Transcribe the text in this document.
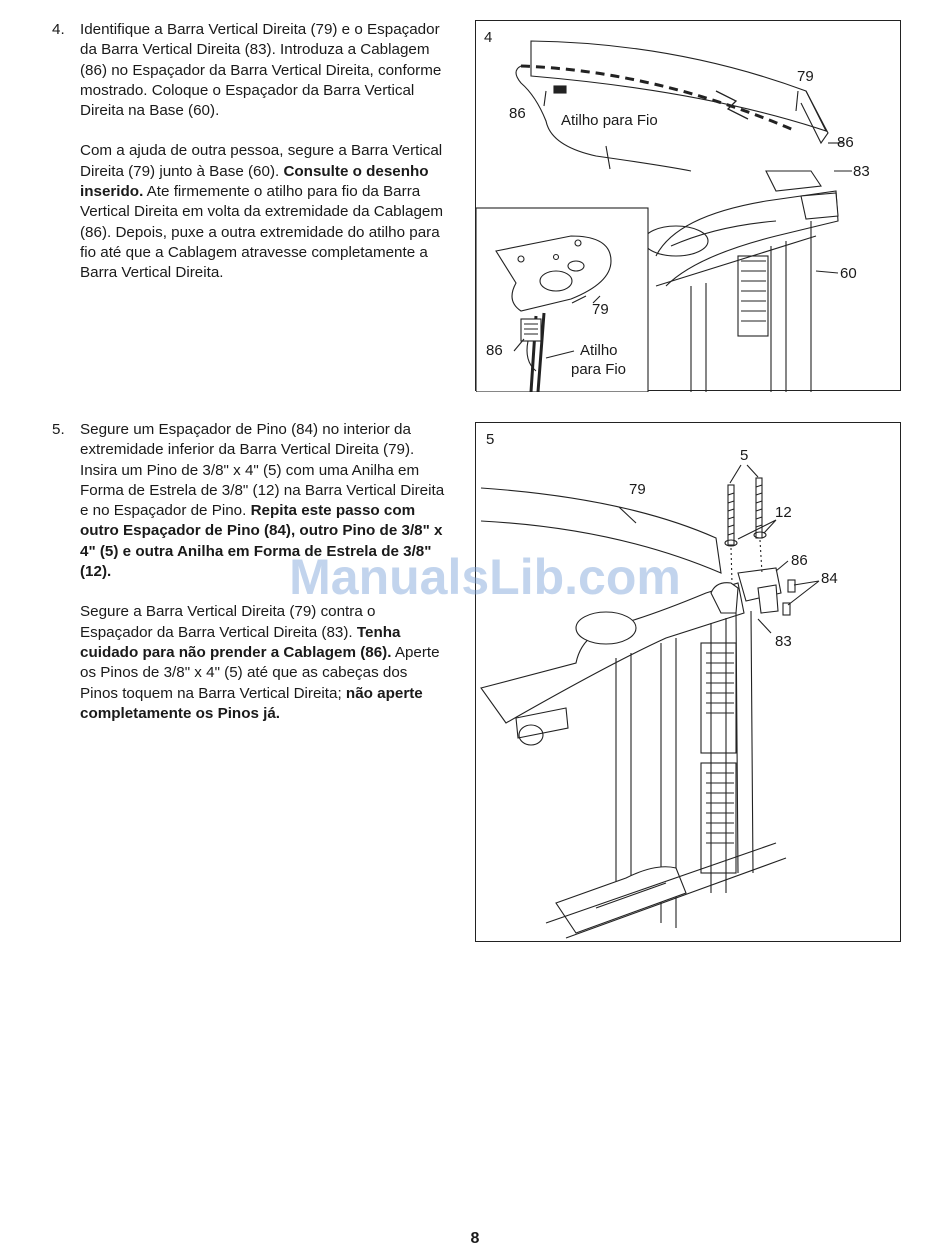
4. Identifique a Barra Vertical Direita (79) e o Espaçador da Barra Vertical Direita (83). Introduza a Cablagem (86) no Espaçador da Barra Vertical Direita, conforme mostrado. Coloque o Espaçador da Barra Vertical Direita na Base (60).

Com a ajuda de outra pessoa, segure a Barra Vertical Direita (79) junto à Base (60). Consulte o desenho inserido. Ate firmemente o atilho para fio da Barra Vertical Direita em volta da extremidade da Cablagem (86). Depois, puxe a outra extremidade do atilho para fio até que a Cablagem atravesse completamente a Barra Vertical Direita.

5. Segure um Espaçador de Pino (84) no interior da extremidade inferior da Barra Vertical Direita (79). Insira um Pino de 3/8" x 4" (5) com uma Anilha em Forma de Estrela de 3/8" (12) na Barra Vertical Direita e no Espaçador de Pino. Repita este passo com outro Espaçador de Pino (84), outro Pino de 3/8" x 4" (5) e outra Anilha em Forma de Estrela de 3/8" (12).

Segure a Barra Vertical Direita (79) contra o Espaçador da Barra Vertical Direita (83). Tenha cuidado para não prender a Cablagem (86). Aperte os Pinos de 3/8" x 4" (5) até que as cabeças dos Pinos toquem na Barra Vertical Direita; não aperte completamente os Pinos já.

4
79
86 Atilho para Fio
86
83
60
79
86	Atilho
para Fio
5
5
79
12
86
84
83
ManualsLib.com
8
